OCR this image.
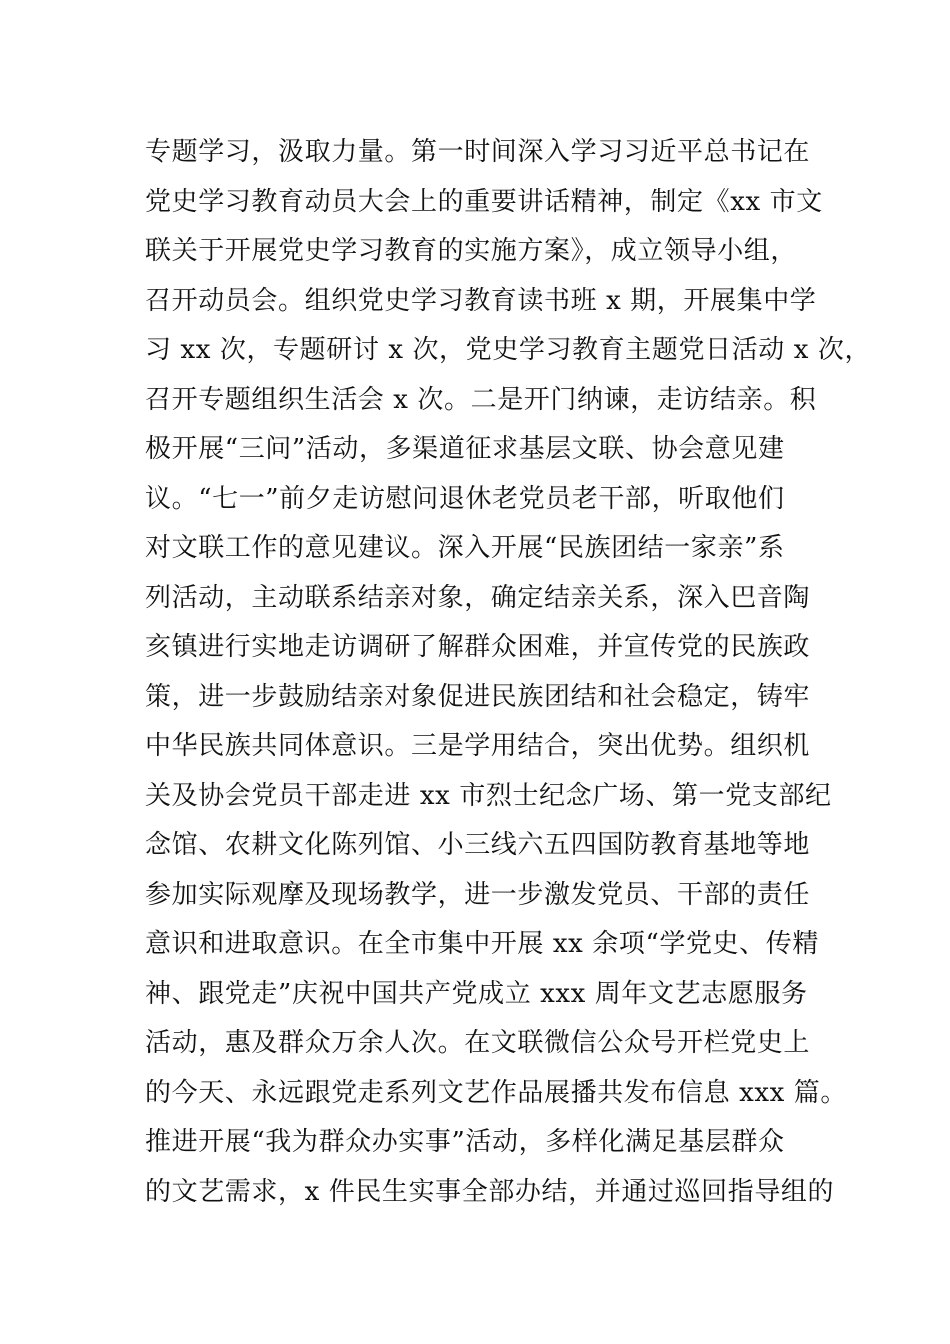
专题学习，汲取力量。第一时间深入学习习近平总书记在
党史学习教育动员大会上的重要讲话精神，制定《xx 市文
联关于开展党史学习教育的实施方案》，成立领导小组，
召开动员会。组织党史学习教育读书班 x 期，开展集中学
习 xx 次，专题研讨 x 次，党史学习教育主题党日活动 x 次，
召开专题组织生活会 x 次。二是开门纳谏，走访结亲。积
极开展“三问”活动，多渠道征求基层文联、协会意见建
议。“七一”前夕走访慰问退休老党员老干部，听取他们
对文联工作的意见建议。深入开展“民族团结一家亲”系
列活动，主动联系结亲对象，确定结亲关系，深入巴音陶
亥镇进行实地走访调研了解群众困难，并宣传党的民族政
策，进一步鼓励结亲对象促进民族团结和社会稳定，铸牢
中华民族共同体意识。三是学用结合，突出优势。组织机
关及协会党员干部走进 xx 市烈士纪念广场、第一党支部纪
念馆、农耕文化陈列馆、小三线六五四国防教育基地等地
参加实际观摩及现场教学，进一步激发党员、干部的责任
意识和进取意识。在全市集中开展 xx 余项“学党史、传精
神、跟党走”庆祝中国共产党成立 xxx 周年文艺志愿服务
活动，惠及群众万余人次。在文联微信公众号开栏党史上
的今天、永远跟党走系列文艺作品展播共发布信息 xxx 篇。
推进开展“我为群众办实事”活动，多样化满足基层群众
的文艺需求，x 件民生实事全部办结，并通过巡回指导组的
